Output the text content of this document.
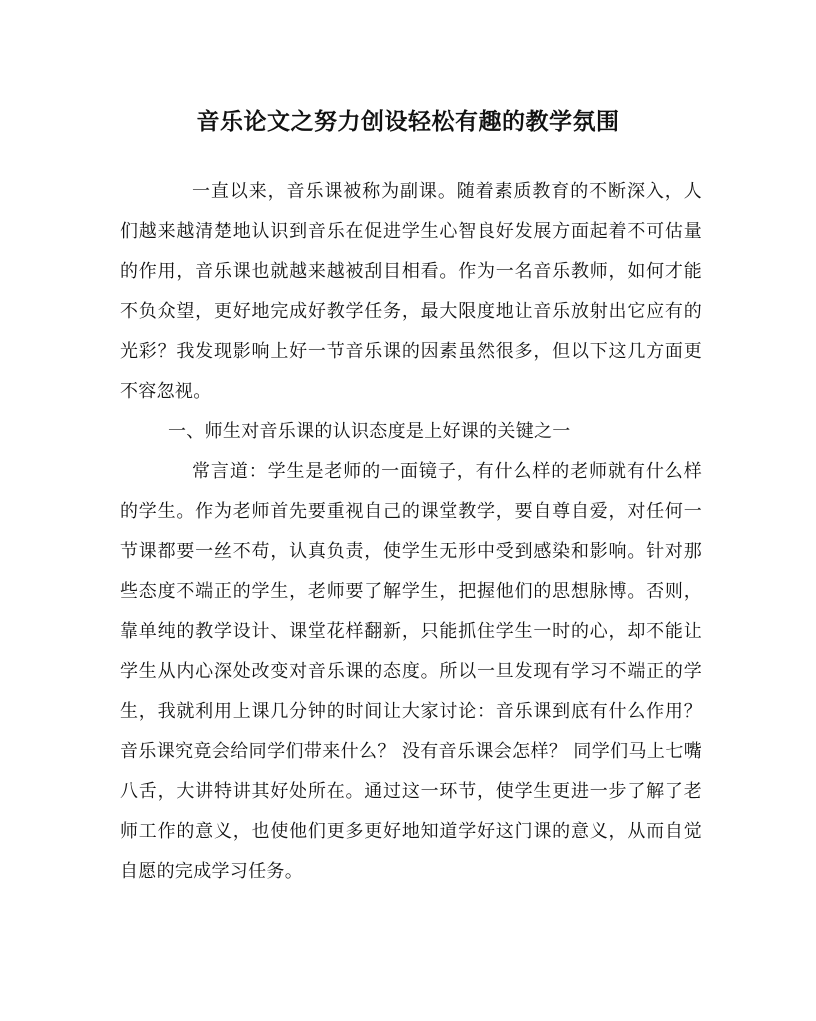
音乐论文之努力创设轻松有趣的教学氛围

一直以来，音乐课被称为副课。随着素质教育的不断深入，人们越来越清楚地认识到音乐在促进学生心智良好发展方面起着不可估量的作用，音乐课也就越来越被刮目相看。作为一名音乐教师，如何才能不负众望，更好地完成好教学任务，最大限度地让音乐放射出它应有的光彩？我发现影响上好一节音乐课的因素虽然很多，但以下这几方面更不容忽视。

一、师生对音乐课的认识态度是上好课的关键之一

常言道：学生是老师的一面镜子，有什么样的老师就有什么样的学生。作为老师首先要重视自己的课堂教学，要自尊自爱，对任何一节课都要一丝不苟，认真负责，使学生无形中受到感染和影响。针对那些态度不端正的学生，老师要了解学生，把握他们的思想脉博。否则，靠单纯的教学设计、课堂花样翻新，只能抓住学生一时的心，却不能让学生从内心深处改变对音乐课的态度。所以一旦发现有学习不端正的学生，我就利用上课几分钟的时间让大家讨论：音乐课到底有什么作用？音乐课究竟会给同学们带来什么？ 没有音乐课会怎样？ 同学们马上七嘴八舌，大讲特讲其好处所在。通过这一环节，使学生更进一步了解了老师工作的意义，也使他们更多更好地知道学好这门课的意义，从而自觉自愿的完成学习任务。
